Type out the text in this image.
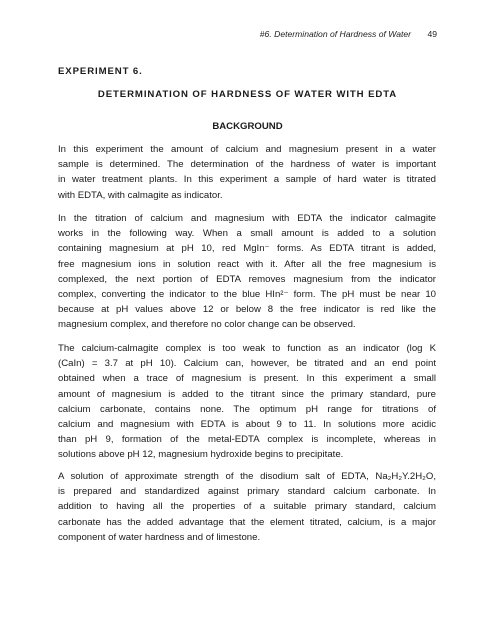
#6. Determination of Hardness of Water 49
EXPERIMENT 6.
DETERMINATION OF HARDNESS OF WATER WITH EDTA
BACKGROUND
In this experiment the amount of calcium and magnesium present in a water
sample is determined. The determination of the hardness of water is important
in water treatment plants. In this experiment a sample of hard water is titrated
with EDTA, with calmagite as indicator.
In the titration of calcium and magnesium with EDTA the indicator calmagite
works in the following way. When a small amount is added to a solution
containing magnesium at pH 10, red MgIn⁻ forms. As EDTA titrant is added,
free magnesium ions in solution react with it. After all the free magnesium is
complexed, the next portion of EDTA removes magnesium from the indicator
complex, converting the indicator to the blue HIn²⁻ form. The pH must be near 10
because at pH values above 12 or below 8 the free indicator is red like the
magnesium complex, and therefore no color change can be observed.
The calcium-calmagite complex is too weak to function as an indicator (log K
(CaIn) = 3.7 at pH 10). Calcium can, however, be titrated and an end point
obtained when a trace of magnesium is present. In this experiment a small
amount of magnesium is added to the titrant since the primary standard, pure
calcium carbonate, contains none. The optimum pH range for titrations of
calcium and magnesium with EDTA is about 9 to 11. In solutions more acidic
than pH 9, formation of the metal-EDTA complex is incomplete, whereas in
solutions above pH 12, magnesium hydroxide begins to precipitate.
A solution of approximate strength of the disodium salt of EDTA, Na₂H₂Y.2H₂O,
is prepared and standardized against primary standard calcium carbonate. In
addition to having all the properties of a suitable primary standard, calcium
carbonate has the added advantage that the element titrated, calcium, is a major
component of water hardness and of limestone.
